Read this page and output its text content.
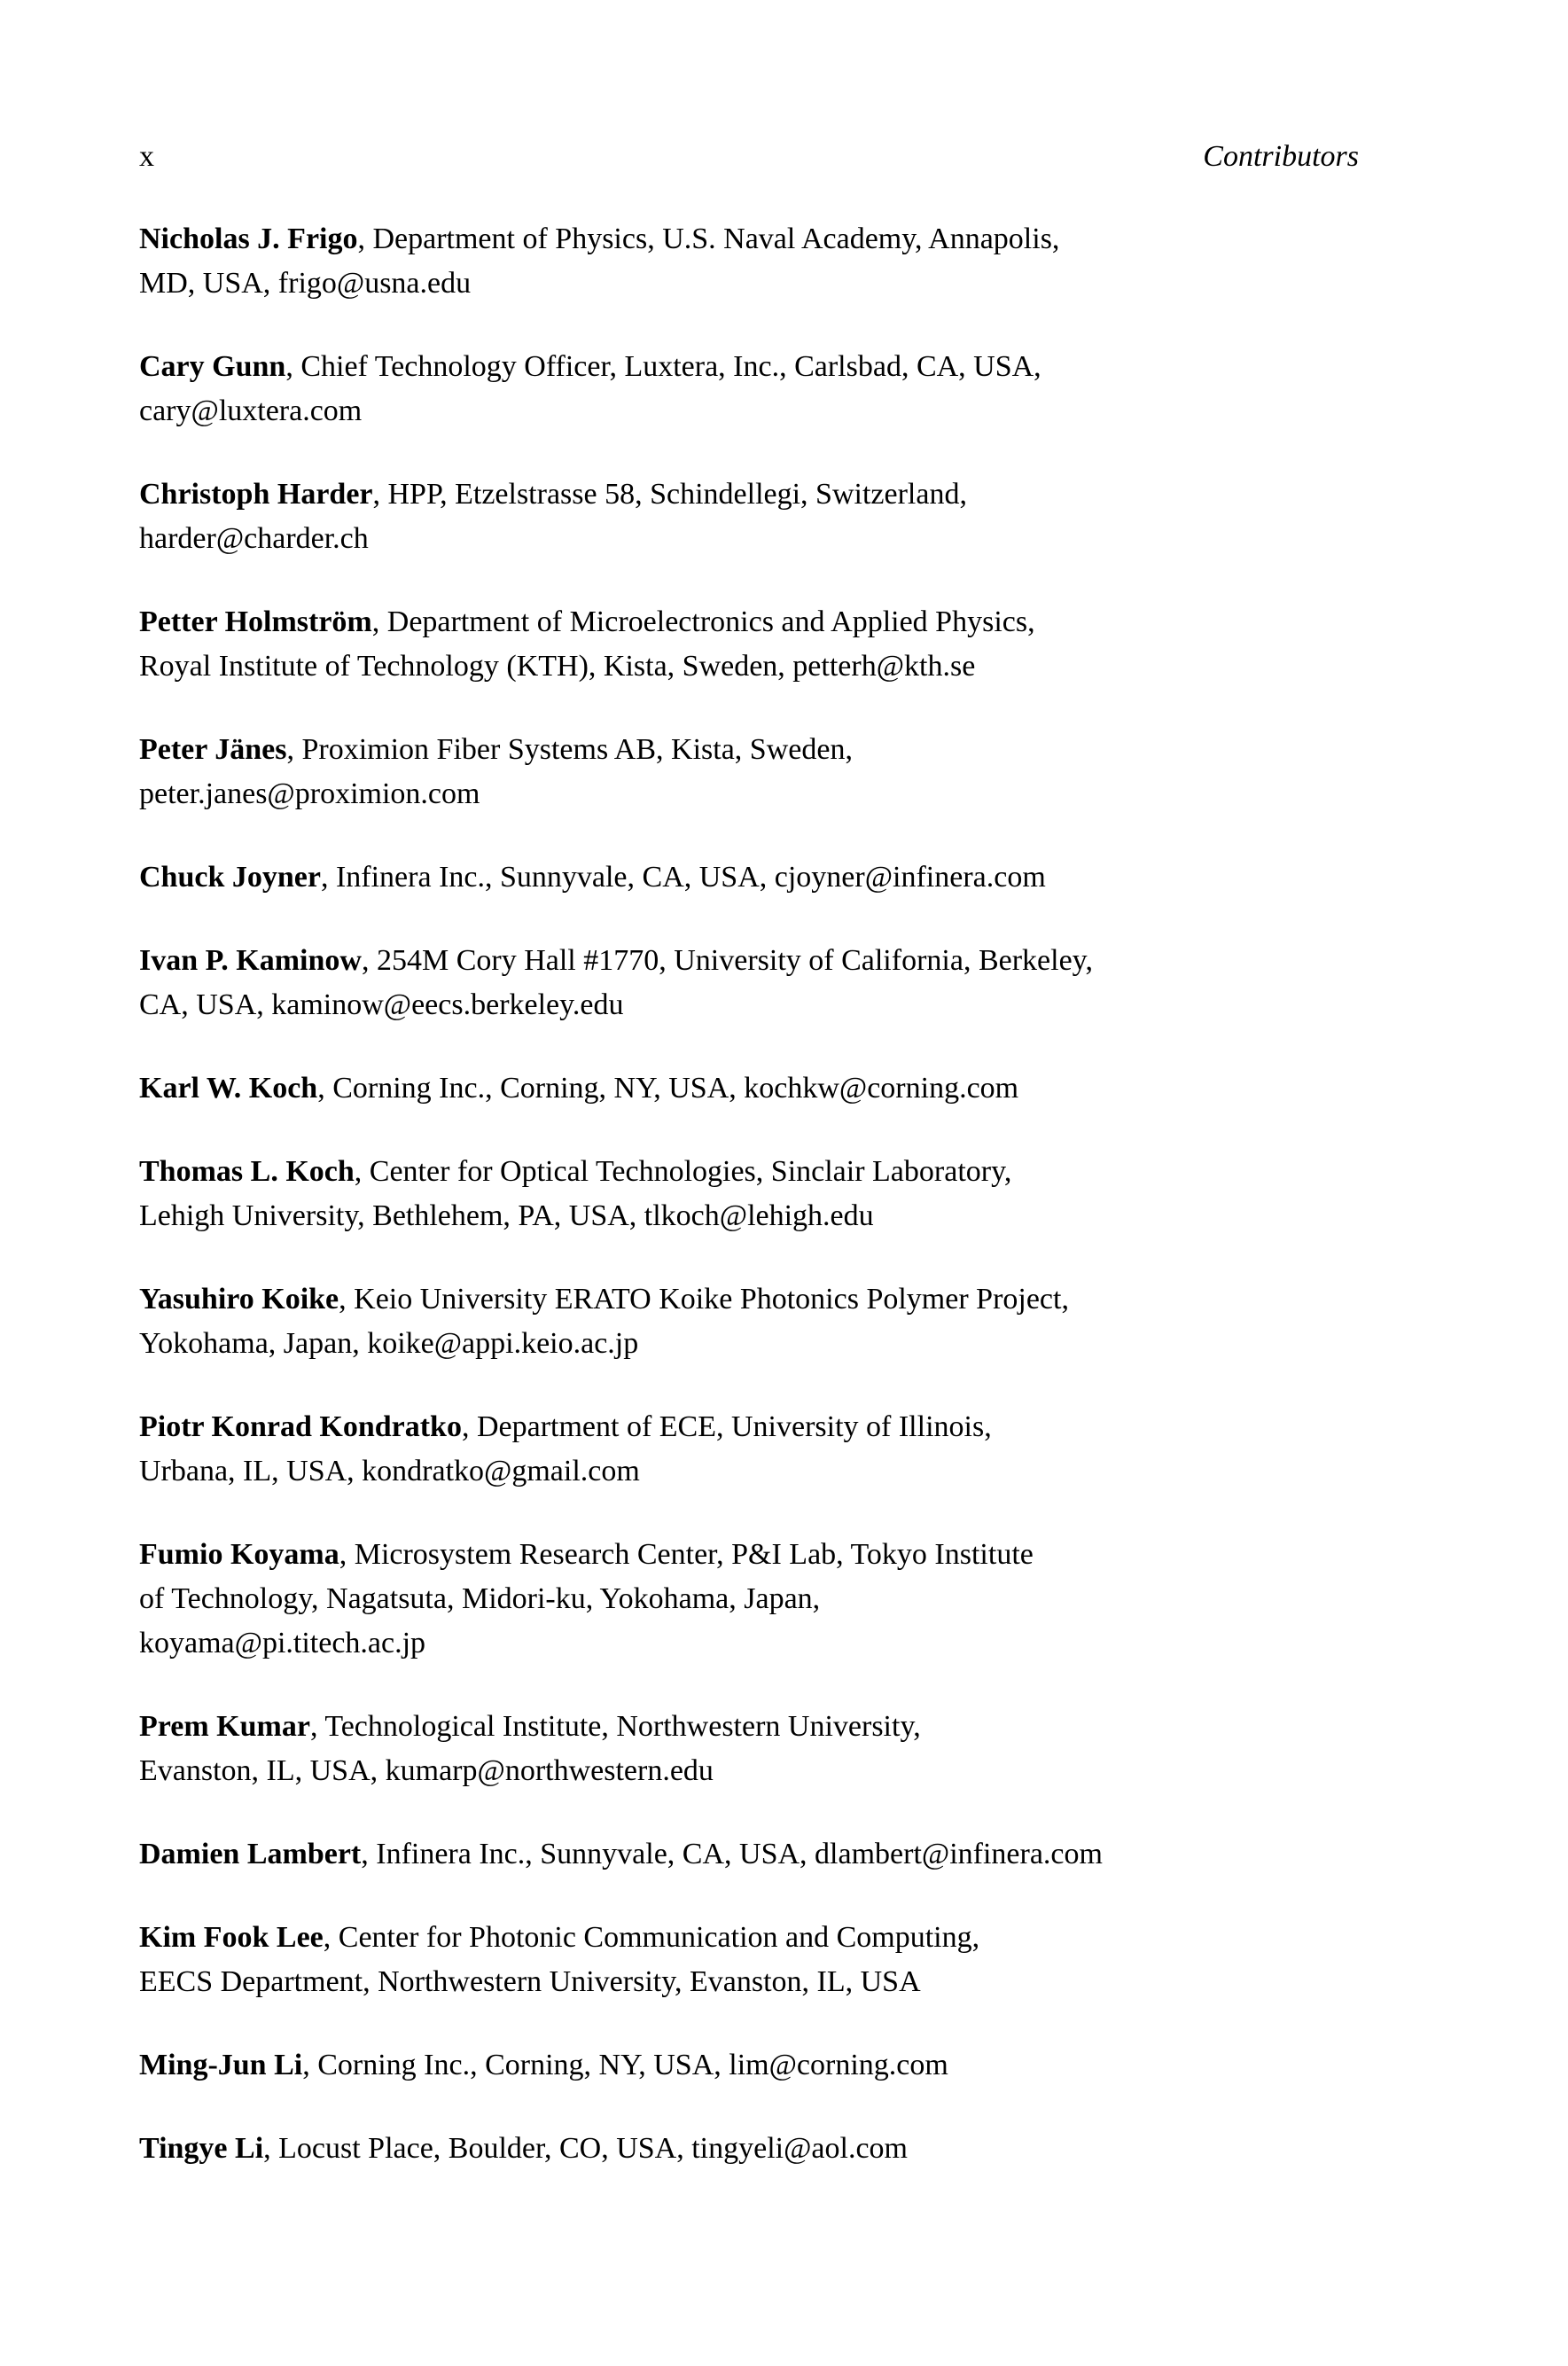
x	Contributors
Nicholas J. Frigo, Department of Physics, U.S. Naval Academy, Annapolis,
MD, USA, frigo@usna.edu
Cary Gunn, Chief Technology Officer, Luxtera, Inc., Carlsbad, CA, USA,
cary@luxtera.com
Christoph Harder, HPP, Etzelstrasse 58, Schindellegi, Switzerland,
harder@charder.ch
Petter Holmström, Department of Microelectronics and Applied Physics,
Royal Institute of Technology (KTH), Kista, Sweden, petterh@kth.se
Peter Jänes, Proximion Fiber Systems AB, Kista, Sweden,
peter.janes@proximion.com
Chuck Joyner, Infinera Inc., Sunnyvale, CA, USA, cjoyner@infinera.com
Ivan P. Kaminow, 254M Cory Hall #1770, University of California, Berkeley,
CA, USA, kaminow@eecs.berkeley.edu
Karl W. Koch, Corning Inc., Corning, NY, USA, kochkw@corning.com
Thomas L. Koch, Center for Optical Technologies, Sinclair Laboratory,
Lehigh University, Bethlehem, PA, USA, tlkoch@lehigh.edu
Yasuhiro Koike, Keio University ERATO Koike Photonics Polymer Project,
Yokohama, Japan, koike@appi.keio.ac.jp
Piotr Konrad Kondratko, Department of ECE, University of Illinois,
Urbana, IL, USA, kondratko@gmail.com
Fumio Koyama, Microsystem Research Center, P&I Lab, Tokyo Institute
of Technology, Nagatsuta, Midori-ku, Yokohama, Japan,
koyama@pi.titech.ac.jp
Prem Kumar, Technological Institute, Northwestern University,
Evanston, IL, USA, kumarp@northwestern.edu
Damien Lambert, Infinera Inc., Sunnyvale, CA, USA, dlambert@infinera.com
Kim Fook Lee, Center for Photonic Communication and Computing,
EECS Department, Northwestern University, Evanston, IL, USA
Ming-Jun Li, Corning Inc., Corning, NY, USA, lim@corning.com
Tingye Li, Locust Place, Boulder, CO, USA, tingyeli@aol.com
